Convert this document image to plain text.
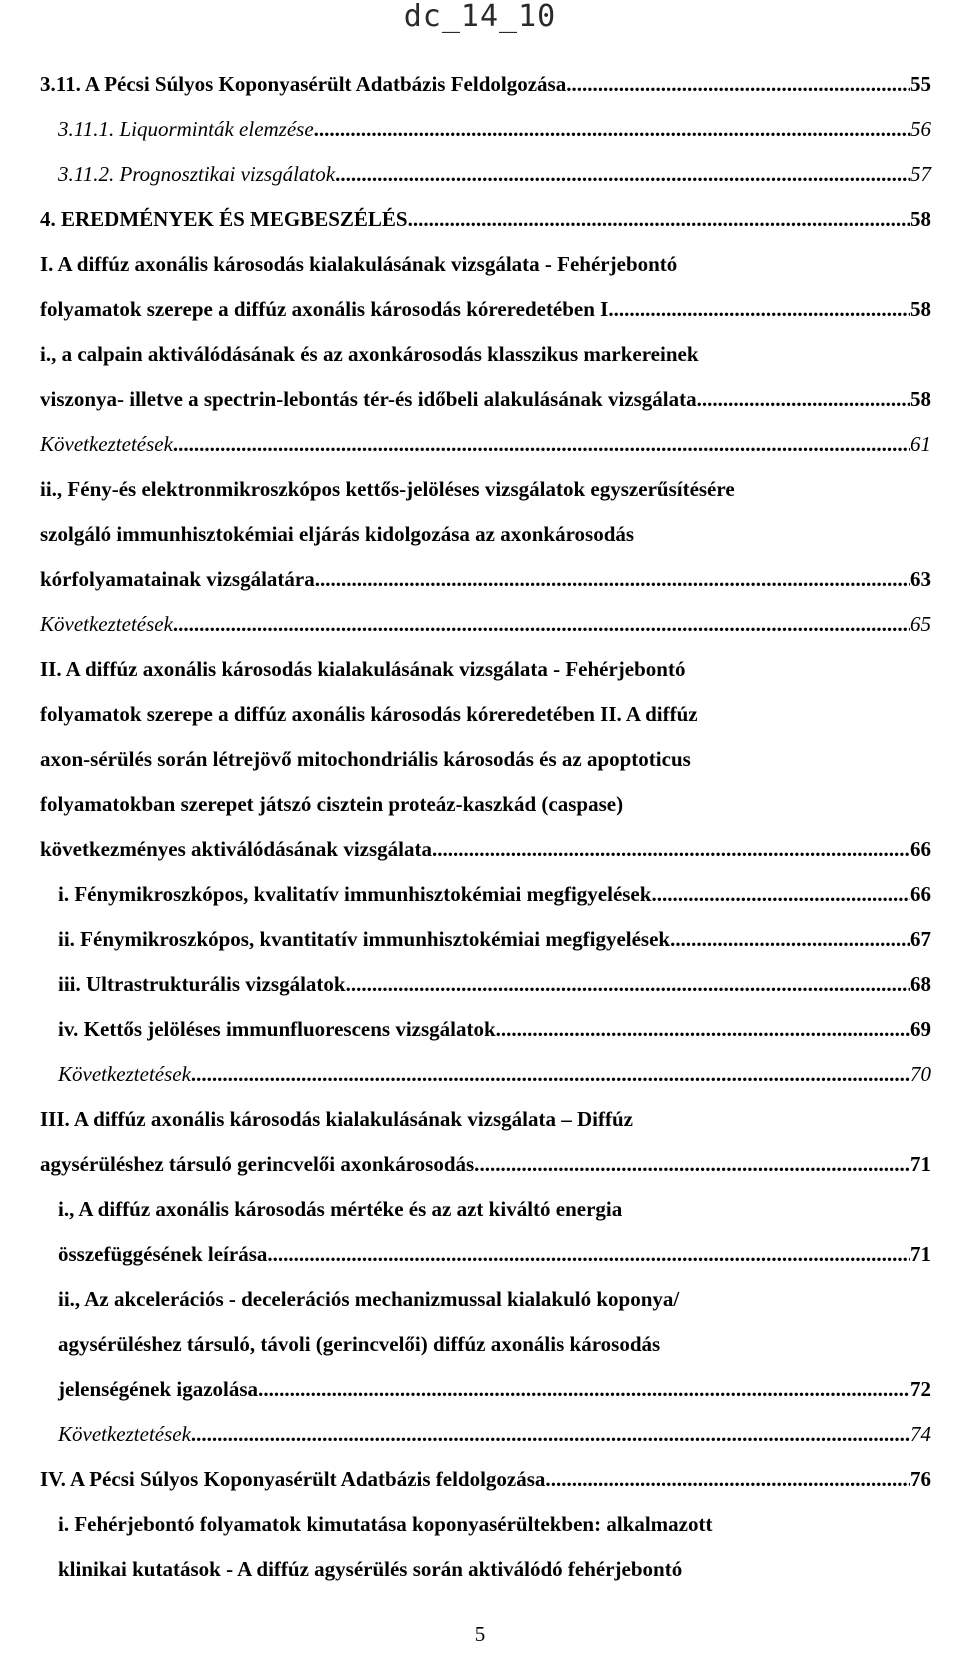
dc_14_10
3.11. A Pécsi Súlyos Koponyasérült Adatbázis Feldolgozása .....	55
3.11.1. Liquorminták elemzése .....	56
3.11.2. Prognosztikai vizsgálatok .....	57
4. EREDMÉNYEK ÉS MEGBESZÉLÉS .....	58
I. A diffúz axonális károsodás kialakulásának vizsgálata - Fehérjebontó
folyamatok szerepe a diffúz axonális károsodás kóreredetében I. .....	58
i., a calpain aktiválódásának és az axonkárosodás klasszikus markereinek
viszonya- illetve a spectrin-lebontás tér-és időbeli alakulásának vizsgálata. .....	58
Következtetések .....	61
ii., Fény-és elektronmikroszkópos kettős-jelöléses vizsgálatok egyszerűsítésére
szolgáló immunhisztokémiai eljárás kidolgozása az axonkárosodás
kórfolyamatainak vizsgálatára .....	63
Következtetések .....	65
II. A diffúz axonális károsodás kialakulásának vizsgálata - Fehérjebontó
folyamatok szerepe a diffúz axonális károsodás kóreredetében II. A diffúz
axon-sérülés során létrejövő mitochondriális károsodás és az apoptoticus
folyamatokban szerepet játszó cisztein proteáz-kaszkád (caspase)
következményes aktiválódásának vizsgálata. .....	66
i. Fénymikroszkópos, kvalitatív immunhisztokémiai megfigyelések .....	66
ii. Fénymikroszkópos, kvantitatív immunhisztokémiai megfigyelések .....	67
iii. Ultrastrukturális vizsgálatok .....	68
iv. Kettős jelöléses immunfluorescens vizsgálatok .....	69
Következtetések .....	70
III. A diffúz axonális károsodás kialakulásának vizsgálata – Diffúz
agysérüléshez társuló gerincvelői axonkárosodás. .....	71
i., A diffúz axonális károsodás mértéke és az azt kiváltó energia
összefüggésének leírása .....	71
ii., Az akcelerációs - decelerációs mechanizmussal kialakuló koponya/
agysérüléshez társuló, távoli (gerincvelői) diffúz axonális károsodás
jelenségének igazolása .....	72
Következtetések .....	74
IV. A Pécsi Súlyos Koponyasérült Adatbázis feldolgozása. .....	76
i. Fehérjebontó folyamatok kimutatása koponyasérültekben: alkalmazott
klinikai kutatások - A diffúz agysérülés során aktiválódó fehérjebontó
5
